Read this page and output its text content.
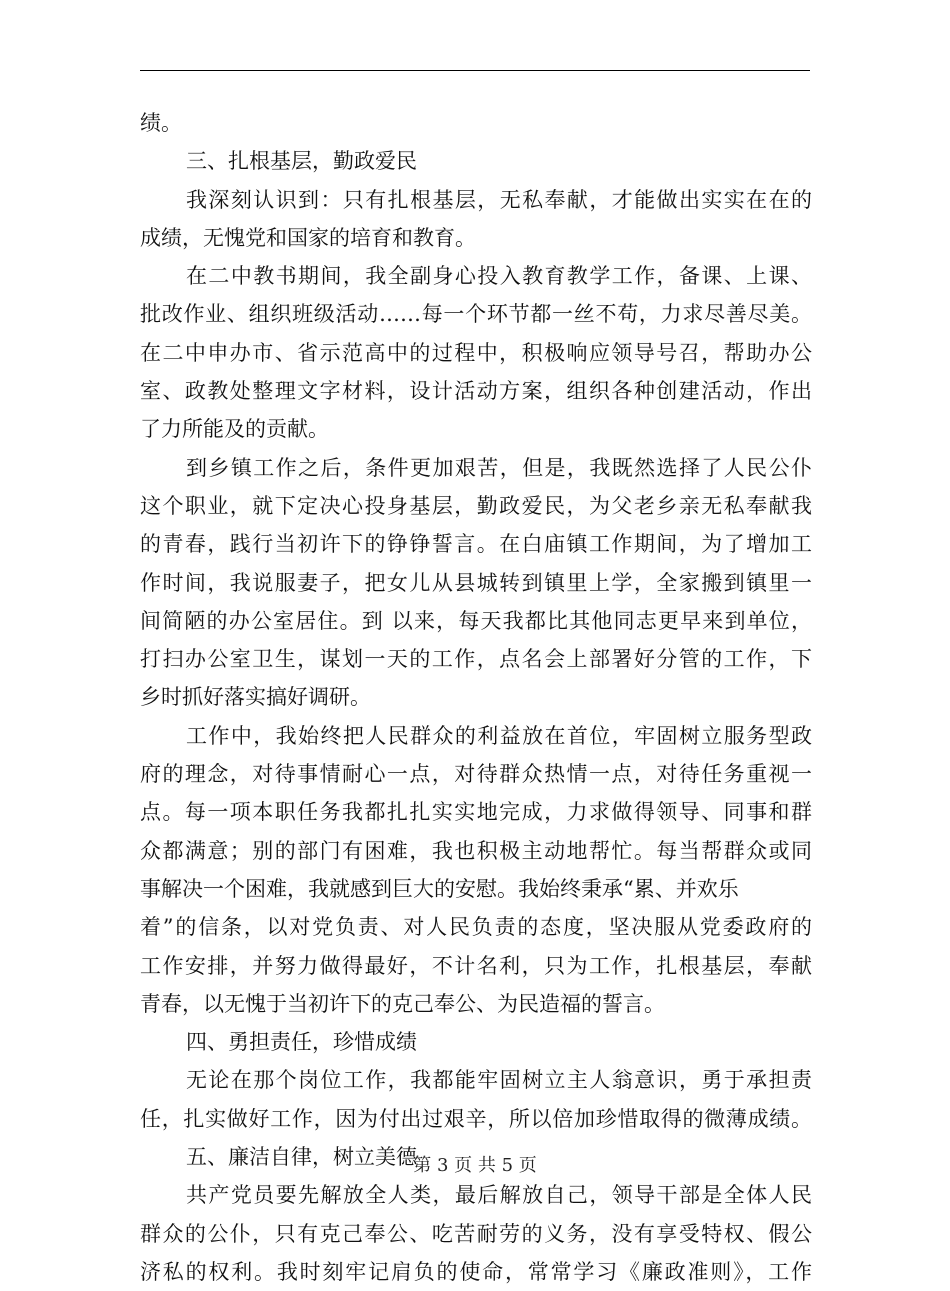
绩。
三、扎根基层，勤政爱民
我深刻认识到：只有扎根基层，无私奉献，才能做出实实在在的
成绩，无愧党和国家的培育和教育。
在二中教书期间，我全副身心投入教育教学工作，备课、上课、
批改作业、组织班级活动……每一个环节都一丝不苟，力求尽善尽美。
在二中申办市、省示范高中的过程中，积极响应领导号召，帮助办公
室、政教处整理文字材料，设计活动方案，组织各种创建活动，作出
了力所能及的贡献。
到乡镇工作之后，条件更加艰苦，但是，我既然选择了人民公仆
这个职业，就下定决心投身基层，勤政爱民，为父老乡亲无私奉献我
的青春，践行当初许下的铮铮誓言。在白庙镇工作期间，为了增加工
作时间，我说服妻子，把女儿从县城转到镇里上学，全家搬到镇里一
间简陋的办公室居住。到 以来，每天我都比其他同志更早来到单位，
打扫办公室卫生，谋划一天的工作，点名会上部署好分管的工作，下
乡时抓好落实搞好调研。
工作中，我始终把人民群众的利益放在首位，牢固树立服务型政
府的理念，对待事情耐心一点，对待群众热情一点，对待任务重视一
点。每一项本职任务我都扎扎实实地完成，力求做得领导、同事和群
众都满意；别的部门有困难，我也积极主动地帮忙。每当帮群众或同
事解决一个困难，我就感到巨大的安慰。我始终秉承“累、并欢乐
着”的信条，以对党负责、对人民负责的态度，坚决服从党委政府的
工作安排，并努力做得最好，不计名利，只为工作，扎根基层，奉献
青春，以无愧于当初许下的克己奉公、为民造福的誓言。
四、勇担责任，珍惜成绩
无论在那个岗位工作，我都能牢固树立主人翁意识，勇于承担责
任，扎实做好工作，因为付出过艰辛，所以倍加珍惜取得的微薄成绩。
五、廉洁自律，树立美德
共产党员要先解放全人类，最后解放自己，领导干部是全体人民
群众的公仆，只有克己奉公、吃苦耐劳的义务，没有享受特权、假公
济私的权利。我时刻牢记肩负的使命，常常学习《廉政准则》，工作
第 3 页 共 5 页
